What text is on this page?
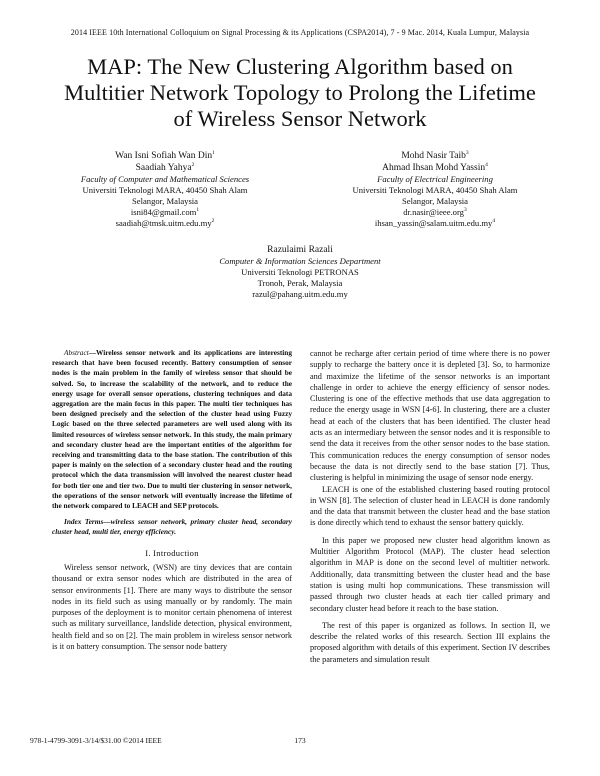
2014 IEEE 10th International Colloquium on Signal Processing & its Applications (CSPA2014), 7 - 9 Mac. 2014, Kuala Lumpur, Malaysia
MAP: The New Clustering Algorithm based on
Multitier Network Topology to Prolong the Lifetime
of Wireless Sensor Network
Wan Isni Sofiah Wan Din$^1$
Saadiah Yahya$^2$
Faculty of Computer and Mathematical Sciences
Universiti Teknologi MARA, 40450 Shah Alam
Selangor, Malaysia
isni84@gmail.com$^1$
$saadiah@tmsk.uitm.edu.my^2$
Mohd Nasir Taib$^3$
Ahmad Ihsan Mohd Yassin$^4$
Faculty of Electrical Engineering
Universiti Teknologi MARA, 40450 Shah Alam
Selangor, Malaysia
dr.nasir@ieee.org$^3$
$ihsan\_yassin@salam.uitm.edu.my^4$
Razulaimi Razali
Computer & Information Sciences Department
Universiti Teknologi PETRONAS
Tronoh, Perak, Malaysia
razul@pahang.uitm.edu.my

Abstract—Wireless sensor network and its applications are interesting research that have been focused recently. Battery consumption of sensor nodes is the main problem in the family of wireless sensor that should be solved. So, to increase the scalability of the network, and to reduce the energy usage for overall sensor operations, clustering techniques and data aggregation are the main focus in this paper. The multi tier techniques has been designed precisely and the selection of the cluster head using Fuzzy Logic based on the three selected parameters are well used along with its limited resources of wireless sensor network. In this study, the main primary and secondary cluster head are the important entities of the algorithm for receiving and transmitting data to the base station. The contribution of this paper is mainly on the selection of a secondary cluster head and the routing protocol which the data transmission will involved the nearest cluster head for both tier one and tier two. Due to multi tier clustering in sensor network, the operations of the sensor network will eventually increase the lifetime of the network compared to LEACH and SEP protocols.

Index Terms—wireless sensor network, primary cluster head, secondary cluster head, multi tier, energy efficiency.

I. Introduction

Wireless sensor network, (WSN) are tiny devices that are contain thousand or extra sensor nodes which are distributed in the area of sensor environments [1]. There are many ways to distribute the sensor nodes in its field such as using manually or by randomly. The main purposes of the deployment is to monitor certain phenomena of interest such as military surveillance, landslide detection, physical environment, health field and so on [2]. The main problem in wireless sensor network is it on battery consumption. The sensor node battery

cannot be recharge after certain period of time where there is no power supply to recharge the battery once it is depleted [3]. So, to harmonize and maximize the lifetime of the sensor networks is an important challenge in order to achieve the energy efficiency of sensor nodes. Clustering is one of the effective methods that use data aggregation to reduce the energy usage in WSN [4-6]. In clustering, there are a cluster head at each of the clusters that has been identified. The cluster head acts as an intermediary between the sensor nodes and it is responsible to send the data it receives from the other sensor nodes to the base station. This communication reduces the energy consumption of sensor nodes because the data is not directly send to the base station [7]. Thus, clustering is helpful in minimizing the usage of sensor node energy.

LEACH is one of the established clustering based routing protocol in WSN [8]. The selection of cluster head in LEACH is done randomly and the data that transmit between the cluster head and the base station is done directly which tend to exhaust the sensor battery quickly.

In this paper we proposed new cluster head algorithm known as Multitier Algorithm Protocol (MAP). The cluster head selection algorithm in MAP is done on the second level of multitier network. Additionally, data transmitting between the cluster head and the base station is using multi hop communications. These transmission will passed through two cluster heads at each tier called primary and secondary cluster head before it reach to the base station.

The rest of this paper is organized as follows. In section II, we describe the related works of this research. Section III explains the proposed algorithm with details of this experiment. Section IV describes the parameters and simulation result

978-1-4799-3091-3/14/$31.00 ©2014 IEEE	173
